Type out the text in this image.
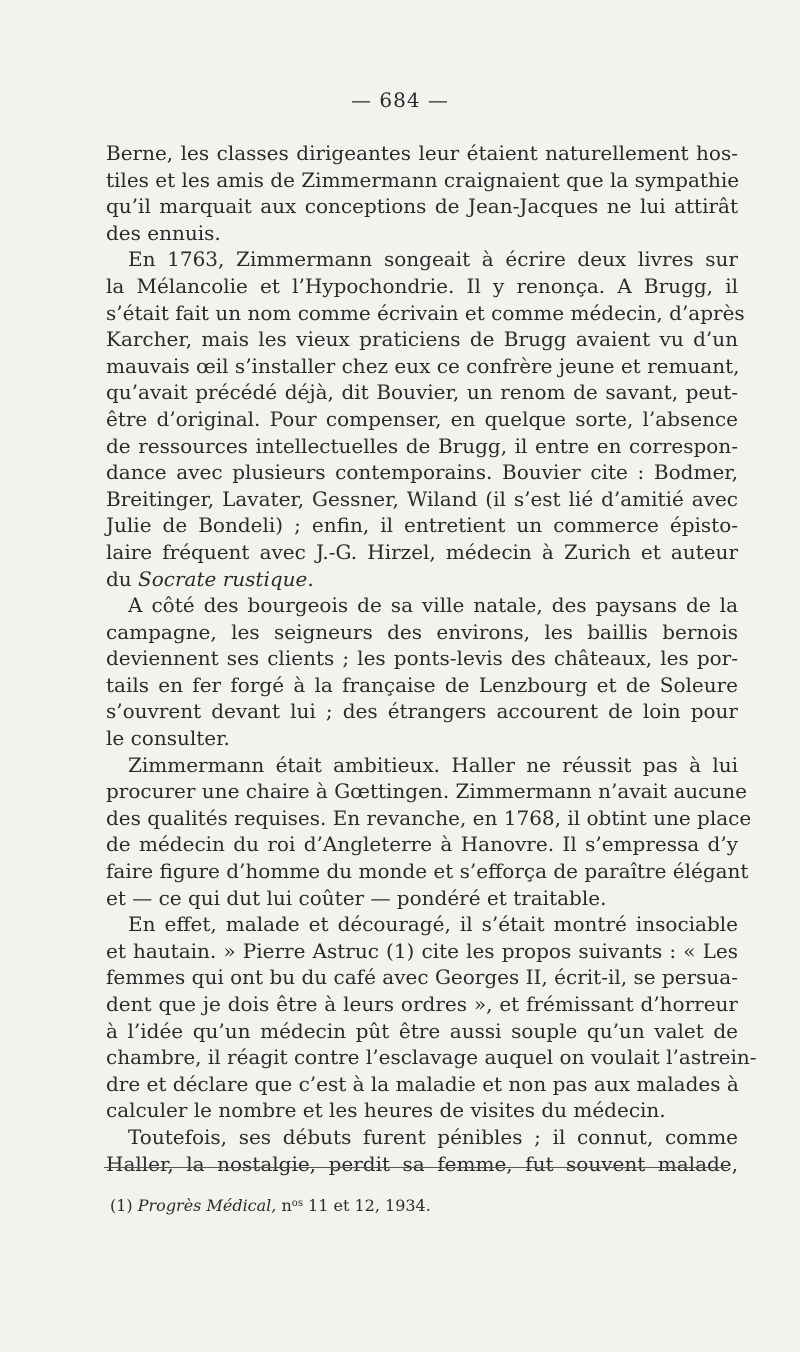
— 684 —
Berne, les classes dirigeantes leur étaient naturellement hos-
tiles et les amis de Zimmermann craignaient que la sympathie
qu’il marquait aux conceptions de Jean-Jacques ne lui attirât
des ennuis.
En 1763, Zimmermann songeait à écrire deux livres sur
la Mélancolie et l’Hypochondrie. Il y renonça. A Brugg, il
s’était fait un nom comme écrivain et comme médecin, d’après
Karcher, mais les vieux praticiens de Brugg avaient vu d’un
mauvais œil s’installer chez eux ce confrère jeune et remuant,
qu’avait précédé déjà, dit Bouvier, un renom de savant, peut-
être d’original. Pour compenser, en quelque sorte, l’absence
de ressources intellectuelles de Brugg, il entre en correspon-
dance avec plusieurs contemporains. Bouvier cite : Bodmer,
Breitinger, Lavater, Gessner, Wiland (il s’est lié d’amitié avec
Julie de Bondeli) ; enfin, il entretient un commerce épisto-
laire fréquent avec J.-G. Hirzel, médecin à Zurich et auteur
du Socrate rustique.
A côté des bourgeois de sa ville natale, des paysans de la
campagne, les seigneurs des environs, les baillis bernois
deviennent ses clients ; les ponts-levis des châteaux, les por-
tails en fer forgé à la française de Lenzbourg et de Soleure
s’ouvrent devant lui ; des étrangers accourent de loin pour
le consulter.
Zimmermann était ambitieux. Haller ne réussit pas à lui
procurer une chaire à Gœttingen. Zimmermann n’avait aucune
des qualités requises. En revanche, en 1768, il obtint une place
de médecin du roi d’Angleterre à Hanovre. Il s’empressa d’y
faire figure d’homme du monde et s’efforça de paraître élégant
et — ce qui dut lui coûter — pondéré et traitable.
En effet, malade et découragé, il s’était montré insociable
et hautain. » Pierre Astruc (1) cite les propos suivants : « Les
femmes qui ont bu du café avec Georges II, écrit-il, se persua-
dent que je dois être à leurs ordres », et frémissant d’horreur
à l’idée qu’un médecin pût être aussi souple qu’un valet de
chambre, il réagit contre l’esclavage auquel on voulait l’astrein-
dre et déclare que c’est à la maladie et non pas aux malades à
calculer le nombre et les heures de visites du médecin.
Toutefois, ses débuts furent pénibles ; il connut, comme
Haller, la nostalgie, perdit sa femme, fut souvent malade,
(1) Progrès Médical, $n^{os}$ 11 et 12, 1934.
